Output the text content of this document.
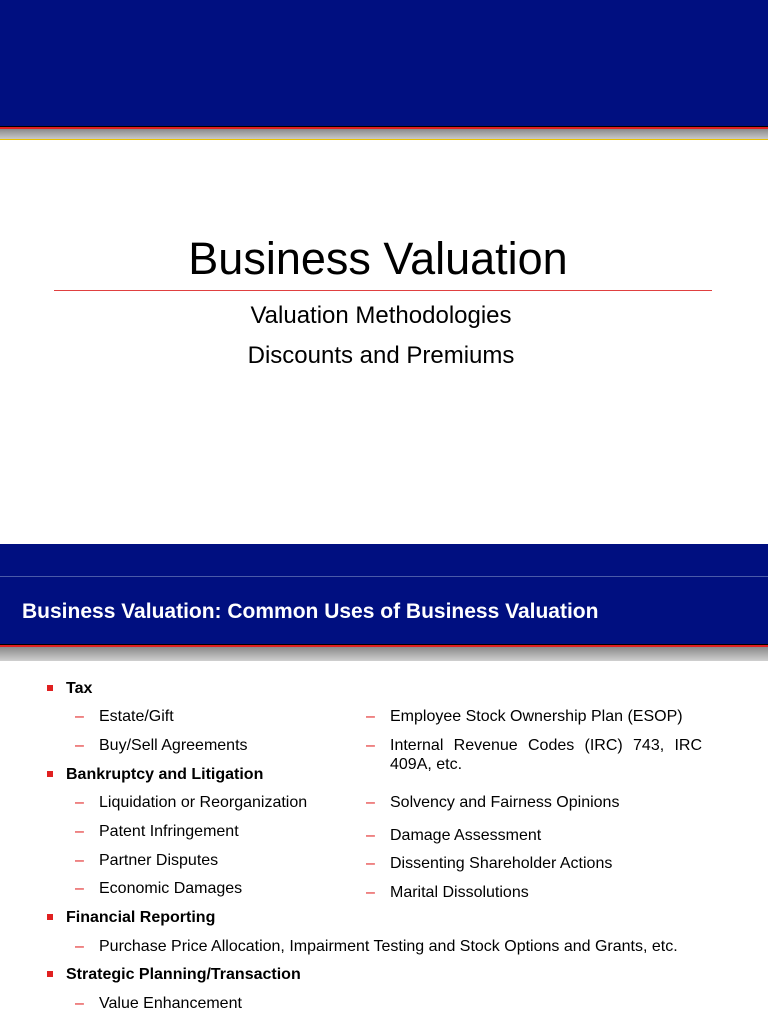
Business Valuation
Valuation Methodologies
Discounts and Premiums
Business Valuation: Common Uses of Business Valuation
Tax
– Estate/Gift
– Buy/Sell Agreements
Bankruptcy and Litigation
– Liquidation or Reorganization
– Patent Infringement
– Partner Disputes
– Economic Damages
Financial Reporting
– Purchase Price Allocation, Impairment Testing and Stock Options and Grants, etc.
Strategic Planning/Transaction
– Value Enhancement
– Employee Stock Ownership Plan (ESOP)
– Internal Revenue Codes (IRC) 743, IRC 409A, etc.
– Solvency and Fairness Opinions
– Damage Assessment
– Dissenting Shareholder Actions
– Marital Dissolutions
